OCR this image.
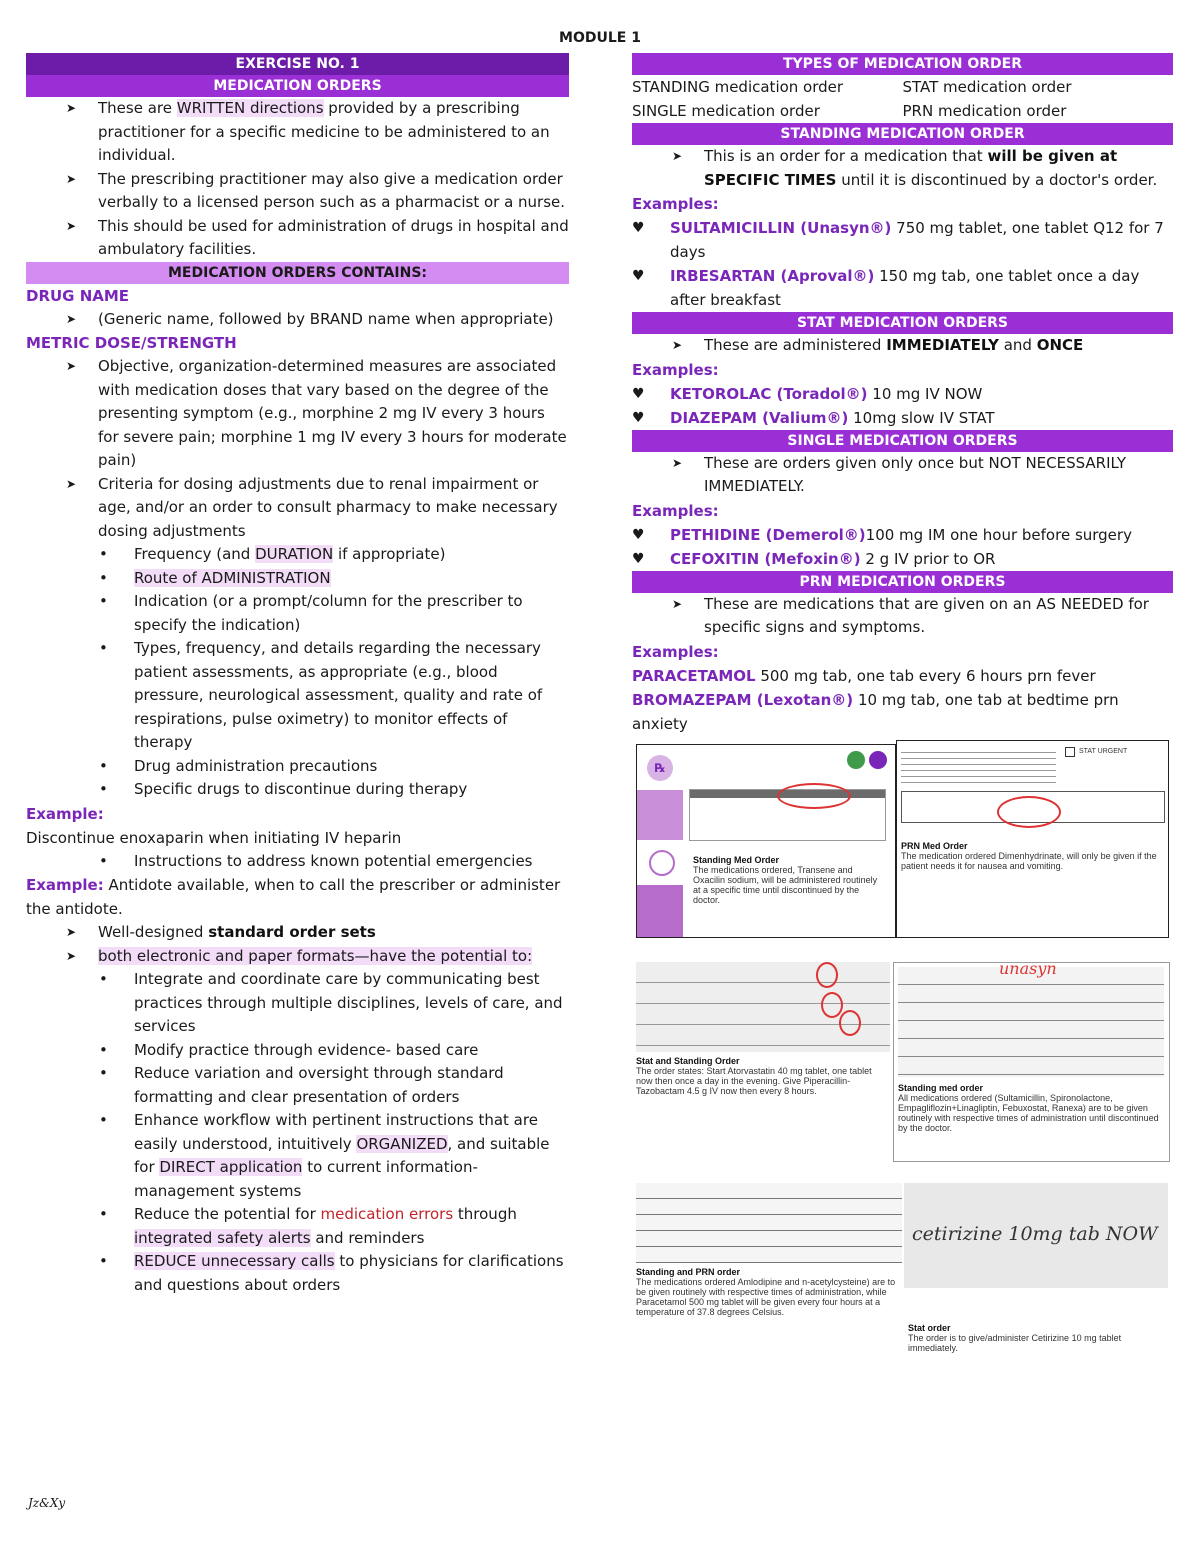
MODULE 1
EXERCISE NO. 1
MEDICATION ORDERS
➤ These are WRITTEN directions provided by a prescribing practitioner for a specific medicine to be administered to an individual.
➤ The prescribing practitioner may also give a medication order verbally to a licensed person such as a pharmacist or a nurse.
➤ This should be used for administration of drugs in hospital and ambulatory facilities.
MEDICATION ORDERS CONTAINS:
DRUG NAME
➤ (Generic name, followed by BRAND name when appropriate)
METRIC DOSE/STRENGTH
➤ Objective, organization-determined measures are associated with medication doses that vary based on the degree of the presenting symptom (e.g., morphine 2 mg IV every 3 hours for severe pain; morphine 1 mg IV every 3 hours for moderate pain)
➤ Criteria for dosing adjustments due to renal impairment or age, and/or an order to consult pharmacy to make necessary dosing adjustments
• Frequency (and DURATION if appropriate)
• Route of ADMINISTRATION
• Indication (or a prompt/column for the prescriber to specify the indication)
• Types, frequency, and details regarding the necessary patient assessments, as appropriate (e.g., blood pressure, neurological assessment, quality and rate of respirations, pulse oximetry) to monitor effects of therapy
• Drug administration precautions
• Specific drugs to discontinue during therapy
Example:
Discontinue enoxaparin when initiating IV heparin
• Instructions to address known potential emergencies
Example: Antidote available, when to call the prescriber or administer the antidote.
➤ Well-designed standard order sets
➤ both electronic and paper formats—have the potential to:
• Integrate and coordinate care by communicating best practices through multiple disciplines, levels of care, and services
• Modify practice through evidence- based care
• Reduce variation and oversight through standard formatting and clear presentation of orders
• Enhance workflow with pertinent instructions that are easily understood, intuitively ORGANIZED, and suitable for DIRECT application to current information-management systems
• Reduce the potential for medication errors through integrated safety alerts and reminders
• REDUCE unnecessary calls to physicians for clarifications and questions about orders
TYPES OF MEDICATION ORDER
STANDING medication order	STAT medication order
SINGLE medication order	PRN medication order
STANDING MEDICATION ORDER
➤ This is an order for a medication that will be given at
SPECIFIC TIMES until it is discontinued by a doctor's order.
Examples:
♥ SULTAMICILLIN (Unasyn®) 750 mg tablet, one tablet Q12 for 7 days
♥ IRBESARTAN (Aproval®) 150 mg tab, one tablet once a day after breakfast
STAT MEDICATION ORDERS
➤ These are administered IMMEDIATELY and ONCE
Examples:
♥ KETOROLAC (Toradol®) 10 mg IV NOW
♥ DIAZEPAM (Valium®) 10mg slow IV STAT
SINGLE MEDICATION ORDERS
➤ These are orders given only once but NOT NECESSARILY IMMEDIATELY.
Examples:
♥ PETHIDINE (Demerol®)100 mg IM one hour before surgery
♥ CEFOXITIN (Mefoxin®) 2 g IV prior to OR
PRN MEDICATION ORDERS
➤ These are medications that are given on an AS NEEDED for specific signs and symptoms.
Examples:
PARACETAMOL 500 mg tab, one tab every 6 hours prn fever
BROMAZEPAM (Lexotan®) 10 mg tab, one tab at bedtime prn anxiety
℞
Standing Med Order
The medications ordered, Transene and Oxacilin sodium, will be administered routinely at a specific time until discontinued by the doctor.
STAT URGENT
PRN Med Order
The medication ordered Dimenhydrinate, will only be given if the patient needs it for nausea and vomiting.
Stat and Standing Order
The order states: Start Atorvastatin 40 mg tablet, one tablet now then once a day in the evening. Give Piperacillin-Tazobactam 4.5 g IV now then every 8 hours.
unasyn
Standing med order
All medications ordered (Sultamicillin, Spironolactone, Empagliflozin+Linagliptin, Febuxostat, Ranexa) are to be given routinely with respective times of administration until discontinued by the doctor.
Standing and PRN order
The medications ordered Amlodipine and n-acetylcysteine) are to be given routinely with respective times of administration, while Paracetamol 500 mg tablet will be given every four hours at a temperature of 37.8 degrees Celsius.
cetirizine 10mg tab NOW
Stat order
The order is to give/administer Cetirizine 10 mg tablet immediately.
Jz&Xy
